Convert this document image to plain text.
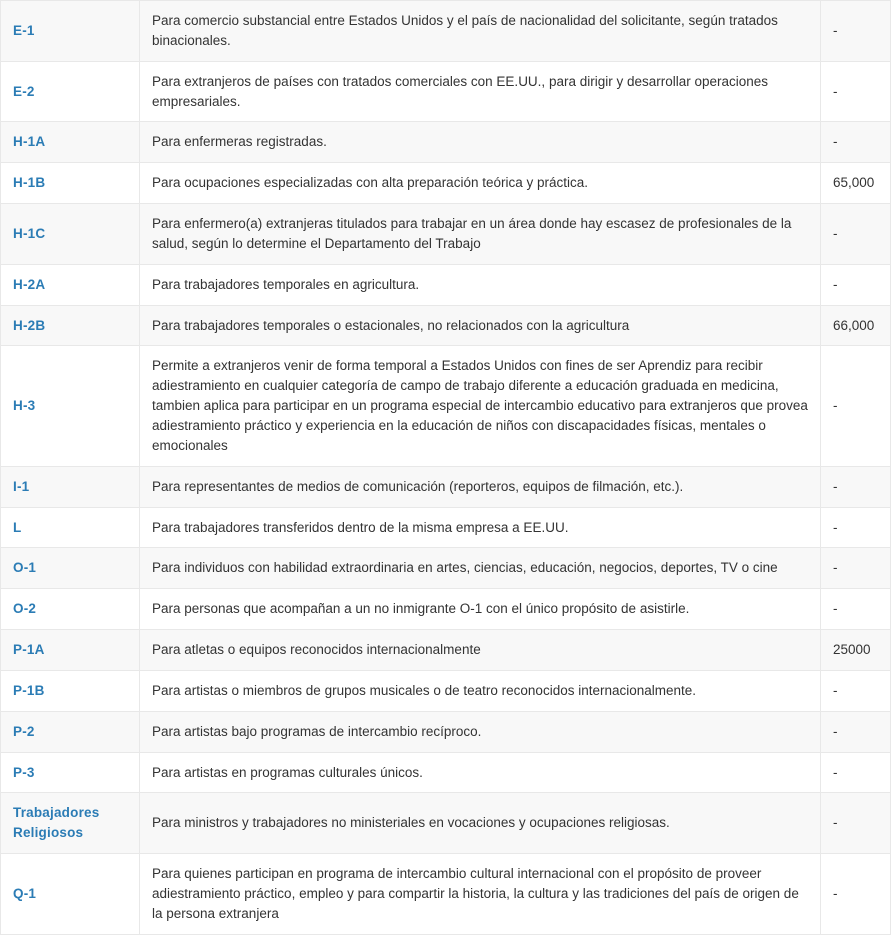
E-1	Para comercio substancial entre Estados Unidos y el país de nacionalidad del solicitante, según tratados binacionales.	-
E-2	Para extranjeros de países con tratados comerciales con EE.UU., para dirigir y desarrollar operaciones empresariales.	-
H-1A	Para enfermeras registradas.	-
H-1B	Para ocupaciones especializadas con alta preparación teórica y práctica.	65,000
H-1C	Para enfermero(a) extranjeras titulados para trabajar en un área donde hay escasez de profesionales de la salud, según lo determine el Departamento del Trabajo	-
H-2A	Para trabajadores temporales en agricultura.	-
H-2B	Para trabajadores temporales o estacionales, no relacionados con la agricultura	66,000
H-3	Permite a extranjeros venir de forma temporal a Estados Unidos con fines de ser Aprendiz para recibir adiestramiento en cualquier categoría de campo de trabajo diferente a educación graduada en medicina, tambien aplica para participar en un programa especial de intercambio educativo para extranjeros que provea adiestramiento práctico y experiencia en la educación de niños con discapacidades físicas, mentales o emocionales	-
I-1	Para representantes de medios de comunicación (reporteros, equipos de filmación, etc.).	-
L	Para trabajadores transferidos dentro de la misma empresa a EE.UU.	-
O-1	Para individuos con habilidad extraordinaria en artes, ciencias, educación, negocios, deportes, TV o cine	-
O-2	Para personas que acompañan a un no inmigrante O-1 con el único propósito de asistirle.	-
P-1A	Para atletas o equipos reconocidos internacionalmente	25000
P-1B	Para artistas o miembros de grupos musicales o de teatro reconocidos internacionalmente.	-
P-2	Para artistas bajo programas de intercambio recíproco.	-
P-3	Para artistas en programas culturales únicos.	-
Trabajadores Religiosos	Para ministros y trabajadores no ministeriales en vocaciones y ocupaciones religiosas.	-
Q-1	Para quienes participan en programa de intercambio cultural internacional con el propósito de proveer adiestramiento práctico, empleo y para compartir la historia, la cultura y las tradiciones del país de origen de la persona extranjera	-
